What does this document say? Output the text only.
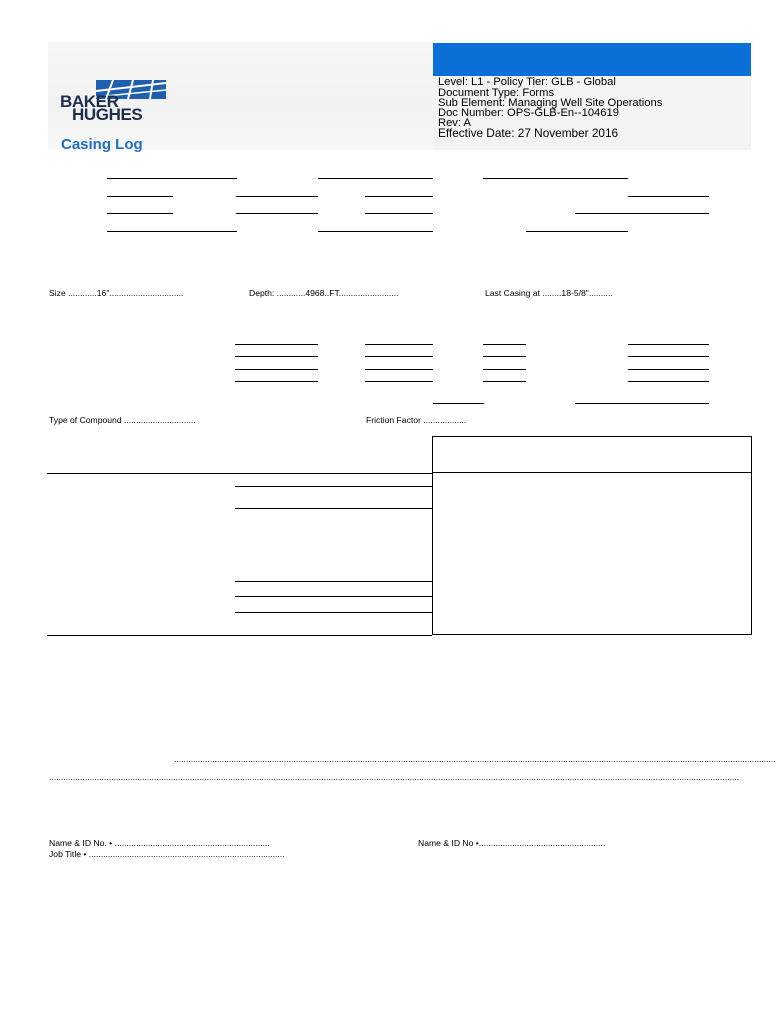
BAKER
HUGHES
Casing Log
Level: L1 - Policy Tier: GLB - Global
Document Type: Forms
Sub Element: Managing Well Site Operations
Doc Number: OPS-GLB-En--104619
Rev: A
Effective Date: 27 November 2016
Size ............16"...............................	Depth: ............4968..FT.........................	Last Casing at ........18-5/8"..........
Type of Compound ..............................	Friction Factor ..................
............................................................................................................................................................................................................................................................
.................................................................................................................................................................................................................................................................................................
Name & ID No. • .................................................................
Job Title • ..................................................................................
Name & ID No •.....................................................
